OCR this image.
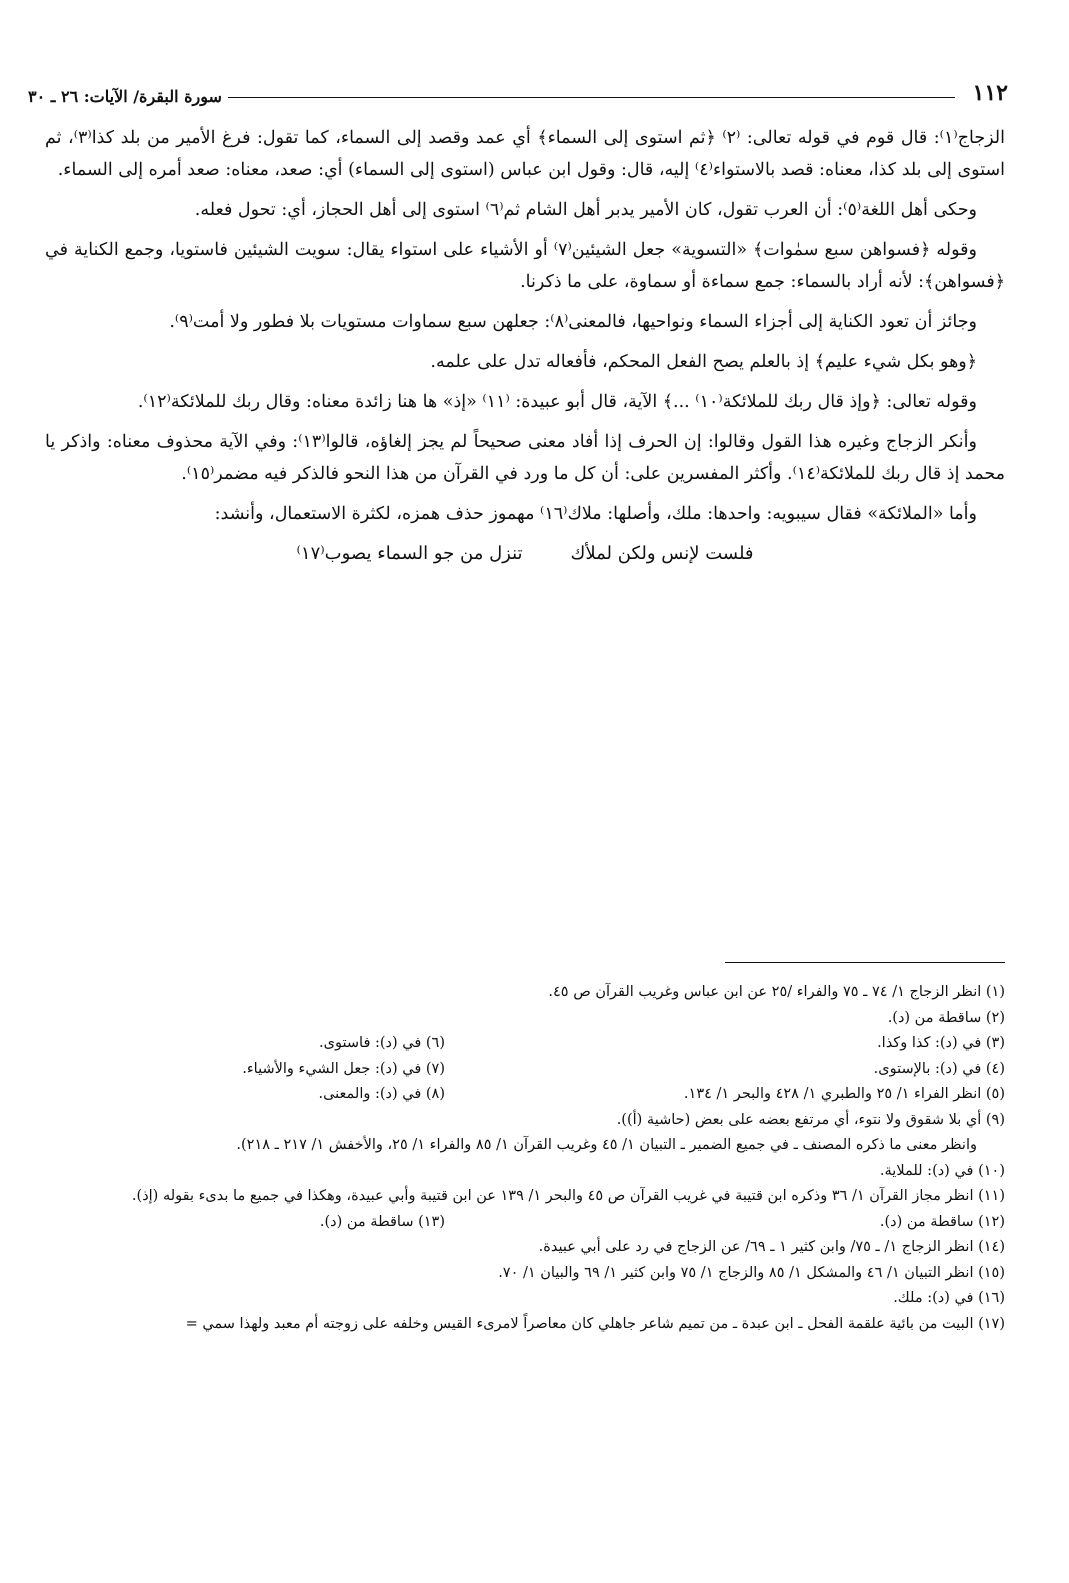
١١٢
سورة البقرة/ الآيات: ٢٦ ـ ٣٠

الزجاج⁽١⁾: قال قوم في قوله تعالى: ⁽٢⁾ ﴿ثم استوى إلى السماء﴾ أي عمد وقصد إلى السماء، كما تقول: فرغ الأمير من بلد كذا⁽٣⁾، ثم استوى إلى بلد كذا، معناه: قصد بالاستواء⁽٤⁾ إليه، قال: وقول ابن عباس (استوى إلى السماء) أي: صعد، معناه: صعد أمره إلى السماء.

وحكى أهل اللغة⁽٥⁾: أن العرب تقول، كان الأمير يدبر أهل الشام ثم⁽٦⁾ استوى إلى أهل الحجاز، أي: تحول فعله.

وقوله ﴿فسواهن سبع سمٰوات﴾ «التسوية» جعل الشيئين⁽٧⁾ أو الأشياء على استواء يقال: سويت الشيئين فاستويا، وجمع الكناية في ﴿فسواهن﴾: لأنه أراد بالسماء: جمع سماءة أو سماوة، على ما ذكرنا.

وجائز أن تعود الكناية إلى أجزاء السماء ونواحيها، فالمعنى⁽٨⁾: جعلهن سبع سماوات مستويات بلا فطور ولا أمت⁽٩⁾.

﴿وهو بكل شيء عليم﴾ إذ بالعلم يصح الفعل المحكم، فأفعاله تدل على علمه.

وقوله تعالى: ﴿وإذ قال ربك للملائكة⁽١٠⁾ ...﴾ الآية، قال أبو عبيدة: ⁽١١⁾ «إذ» ها هنا زائدة معناه: وقال ربك للملائكة⁽١٢⁾.

وأنكر الزجاج وغيره هذا القول وقالوا: إن الحرف إذا أفاد معنى صحيحاً لم يجز إلغاؤه، قالوا⁽١٣⁾: وفي الآية محذوف معناه: واذكر يا محمد إذ قال ربك للملائكة⁽١٤⁾. وأكثر المفسرين على: أن كل ما ورد في القرآن من هذا النحو فالذكر فيه مضمر⁽١٥⁾.

وأما «الملائكة» فقال سيبويه: واحدها: ملك، وأصلها: ملاك⁽١٦⁾ مهموز حذف همزه، لكثرة الاستعمال، وأنشد:

فلست لإنس ولكن لملأك
تنزل من جو السماء يصوب⁽١٧⁾

(١) انظر الزجاج ١/ ٧٤ ـ ٧٥ والفراء /٢٥ عن ابن عباس وغريب القرآن ص ٤٥.

(٢) ساقطة من (د).

(٣) في (د): كذا وكذا.

(٦) في (د): فاستوى.

(٤) في (د): بالإستوى.

(٧) في (د): جعل الشيء والأشياء.

(٥) انظر الفراء ١/ ٢٥ والطبري ١/ ٤٢٨ والبحر ١/ ١٣٤.

(٨) في (د): والمعنى.

(٩) أي بلا شقوق ولا نتوء، أي مرتفع بعضه على بعض (حاشية (أ)).

وانظر معنى ما ذكره المصنف ـ في جميع الضمير ـ التبيان ١/ ٤٥ وغريب القرآن ١/ ٨٥ والفراء ١/ ٢٥، والأخفش ١/ ٢١٧ ـ ٢١٨).

(١٠) في (د): للملاية.

(١١) انظر مجاز القرآن ١/ ٣٦ وذكره ابن قتيبة في غريب القرآن ص ٤٥ والبحر ١/ ١٣٩ عن ابن قتيبة وأبي عبيدة، وهكذا في جميع ما بدىء بقوله (إذ).

(١٢) ساقطة من (د).

(١٣) ساقطة من (د).

(١٤) انظر الزجاج ١/ ـ ٧٥/ وابن كثير ١ ـ ٦٩/ عن الزجاج في رد على أبي عبيدة.

(١٥) انظر التبيان ١/ ٤٦ والمشكل ١/ ٨٥ والزجاج ١/ ٧٥ وابن كثير ١/ ٦٩ والبيان ١/ ٧٠.

(١٦) في (د): ملك.

(١٧) البيت من بائية علقمة الفحل ـ ابن عبدة ـ من تميم شاعر جاهلي كان معاصراً لامرىء القيس وخلفه على زوجته أم معبد ولهذا سمي =
